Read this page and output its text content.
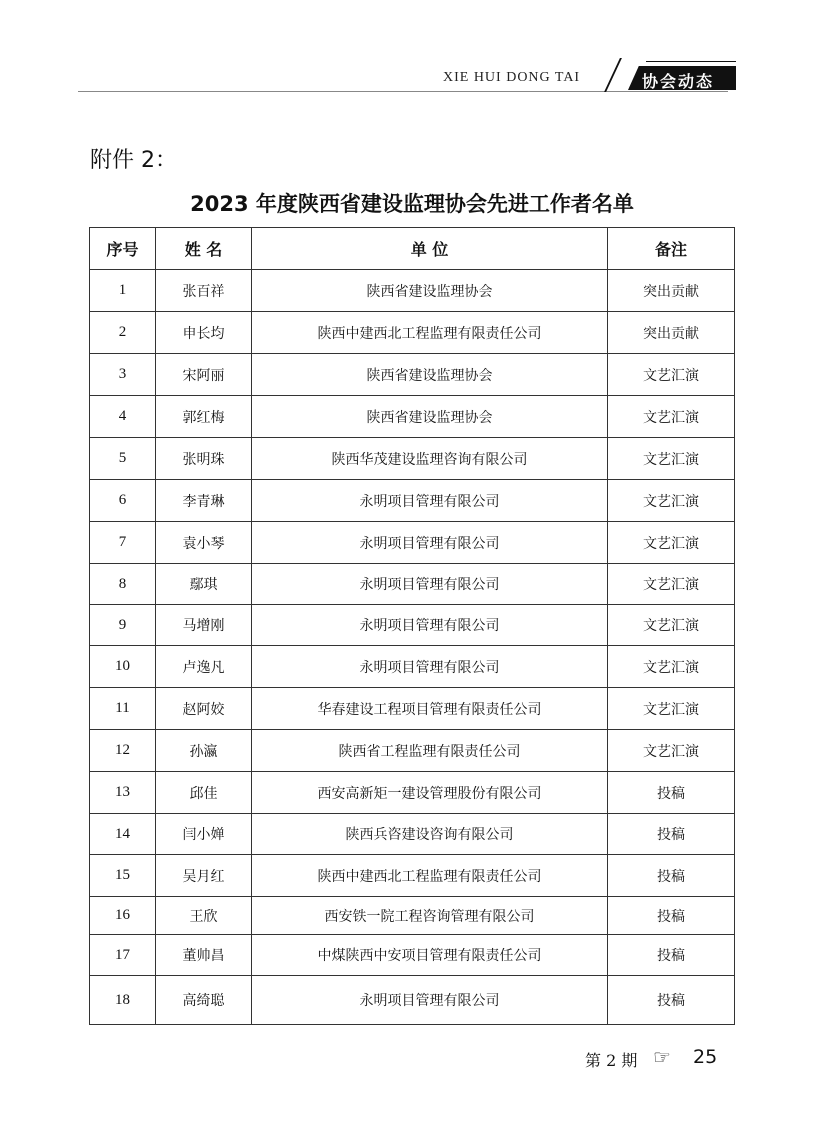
XIE HUI DONG TAI	协会动态
附件 2：
2023 年度陕西省建设监理协会先进工作者名单
序号	姓 名	单 位	备注
1	张百祥	陕西省建设监理协会	突出贡献
2	申长均	陕西中建西北工程监理有限责任公司	突出贡献
3	宋阿丽	陕西省建设监理协会	文艺汇演
4	郭红梅	陕西省建设监理协会	文艺汇演
5	张明珠	陕西华茂建设监理咨询有限公司	文艺汇演
6	李青琳	永明项目管理有限公司	文艺汇演
7	袁小琴	永明项目管理有限公司	文艺汇演
8	鄢琪	永明项目管理有限公司	文艺汇演
9	马增刚	永明项目管理有限公司	文艺汇演
10	卢逸凡	永明项目管理有限公司	文艺汇演
11	赵阿姣	华春建设工程项目管理有限责任公司	文艺汇演
12	孙瀛	陕西省工程监理有限责任公司	文艺汇演
13	邱佳	西安高新矩一建设管理股份有限公司	投稿
14	闫小婵	陕西兵咨建设咨询有限公司	投稿
15	吴月红	陕西中建西北工程监理有限责任公司	投稿
16	王欣	西安铁一院工程咨询管理有限公司	投稿
17	董帅昌	中煤陕西中安项目管理有限责任公司	投稿
18	高绮聪	永明项目管理有限公司	投稿
第 2 期 ☞ 25
